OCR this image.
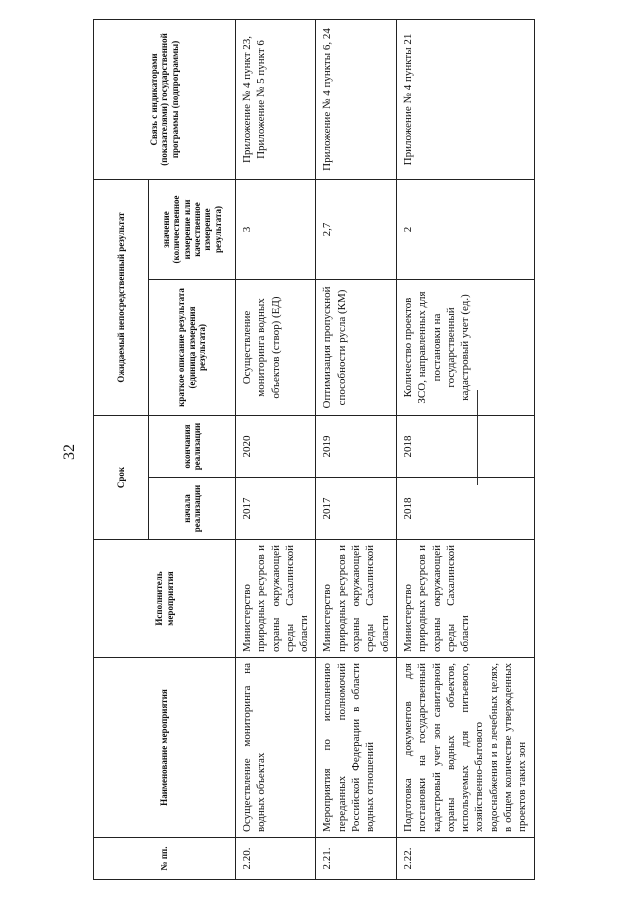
32
№ пп.	Наименование мероприятия	Исполнитель мероприятия	Срок		Ожидаемый непосредственный результат		Связь с индикаторами (показателями) государственной программы (подпрограммы)
			начала реализации	окончания реализации	краткое описание результата (единица измерения результата)	значение (количественное измерение или качественное измерение результата)	
2.20.	Осуществление мониторинга на водных объектах	Министерство природных ресурсов и охраны окружающей среды Сахалинской области	2017	2020	Осуществление мониторинга водных объектов (створ) (ЕД)	3	Приложение № 4 пункт 23, Приложение № 5 пункт 6
2.21.	Мероприятия по исполнению переданных полномочий Российской Федерации в области водных отношений	Министерство природных ресурсов и охраны окружающей среды Сахалинской области	2017	2019	Оптимизация пропускной способности русла (КМ)	2,7	Приложение № 4 пункты 6, 24
2.22.	Подготовка документов для постановки на государственный кадастровый учет зон санитарной охраны водных объектов, используемых для питьевого, хозяйственно-бытового водоснабжения и в лечебных целях, в общем количестве утвержденных проектов таких зон	Министерство природных ресурсов и охраны окружающей среды Сахалинской области	2018	2018	Количество проектов ЗСО, направленных для постановки на государственный кадастровый учет (ед.)	2	Приложение № 4 пункты 21
